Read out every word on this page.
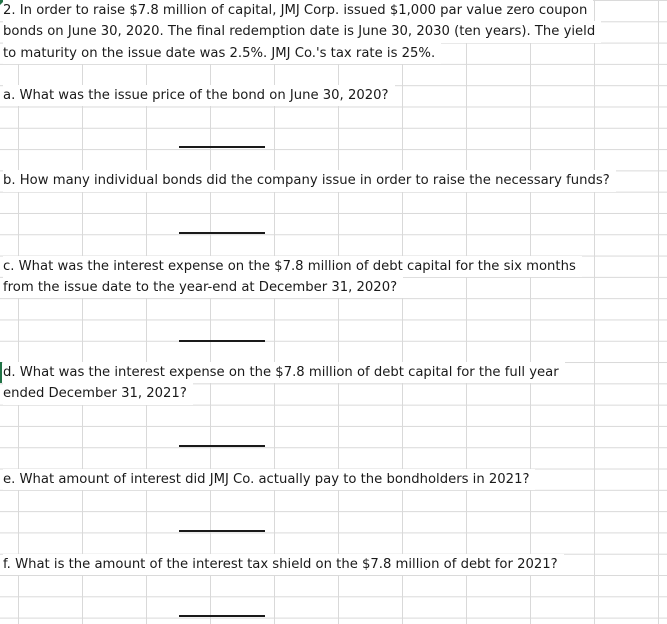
2. In order to raise $7.8 million of capital, JMJ Corp. issued $1,000 par value zero coupon
bonds on June 30, 2020. The final redemption date is June 30, 2030 (ten years). The yield
to maturity on the issue date was 2.5%. JMJ Co.'s tax rate is 25%.
a. What was the issue price of the bond on June 30, 2020?
b. How many individual bonds did the company issue in order to raise the necessary funds?
c. What was the interest expense on the $7.8 million of debt capital for the six months
from the issue date to the year-end at December 31, 2020?
d. What was the interest expense on the $7.8 million of debt capital for the full year
ended December 31, 2021?
e. What amount of interest did JMJ Co. actually pay to the bondholders in 2021?
f. What is the amount of the interest tax shield on the $7.8 million of debt for 2021?
